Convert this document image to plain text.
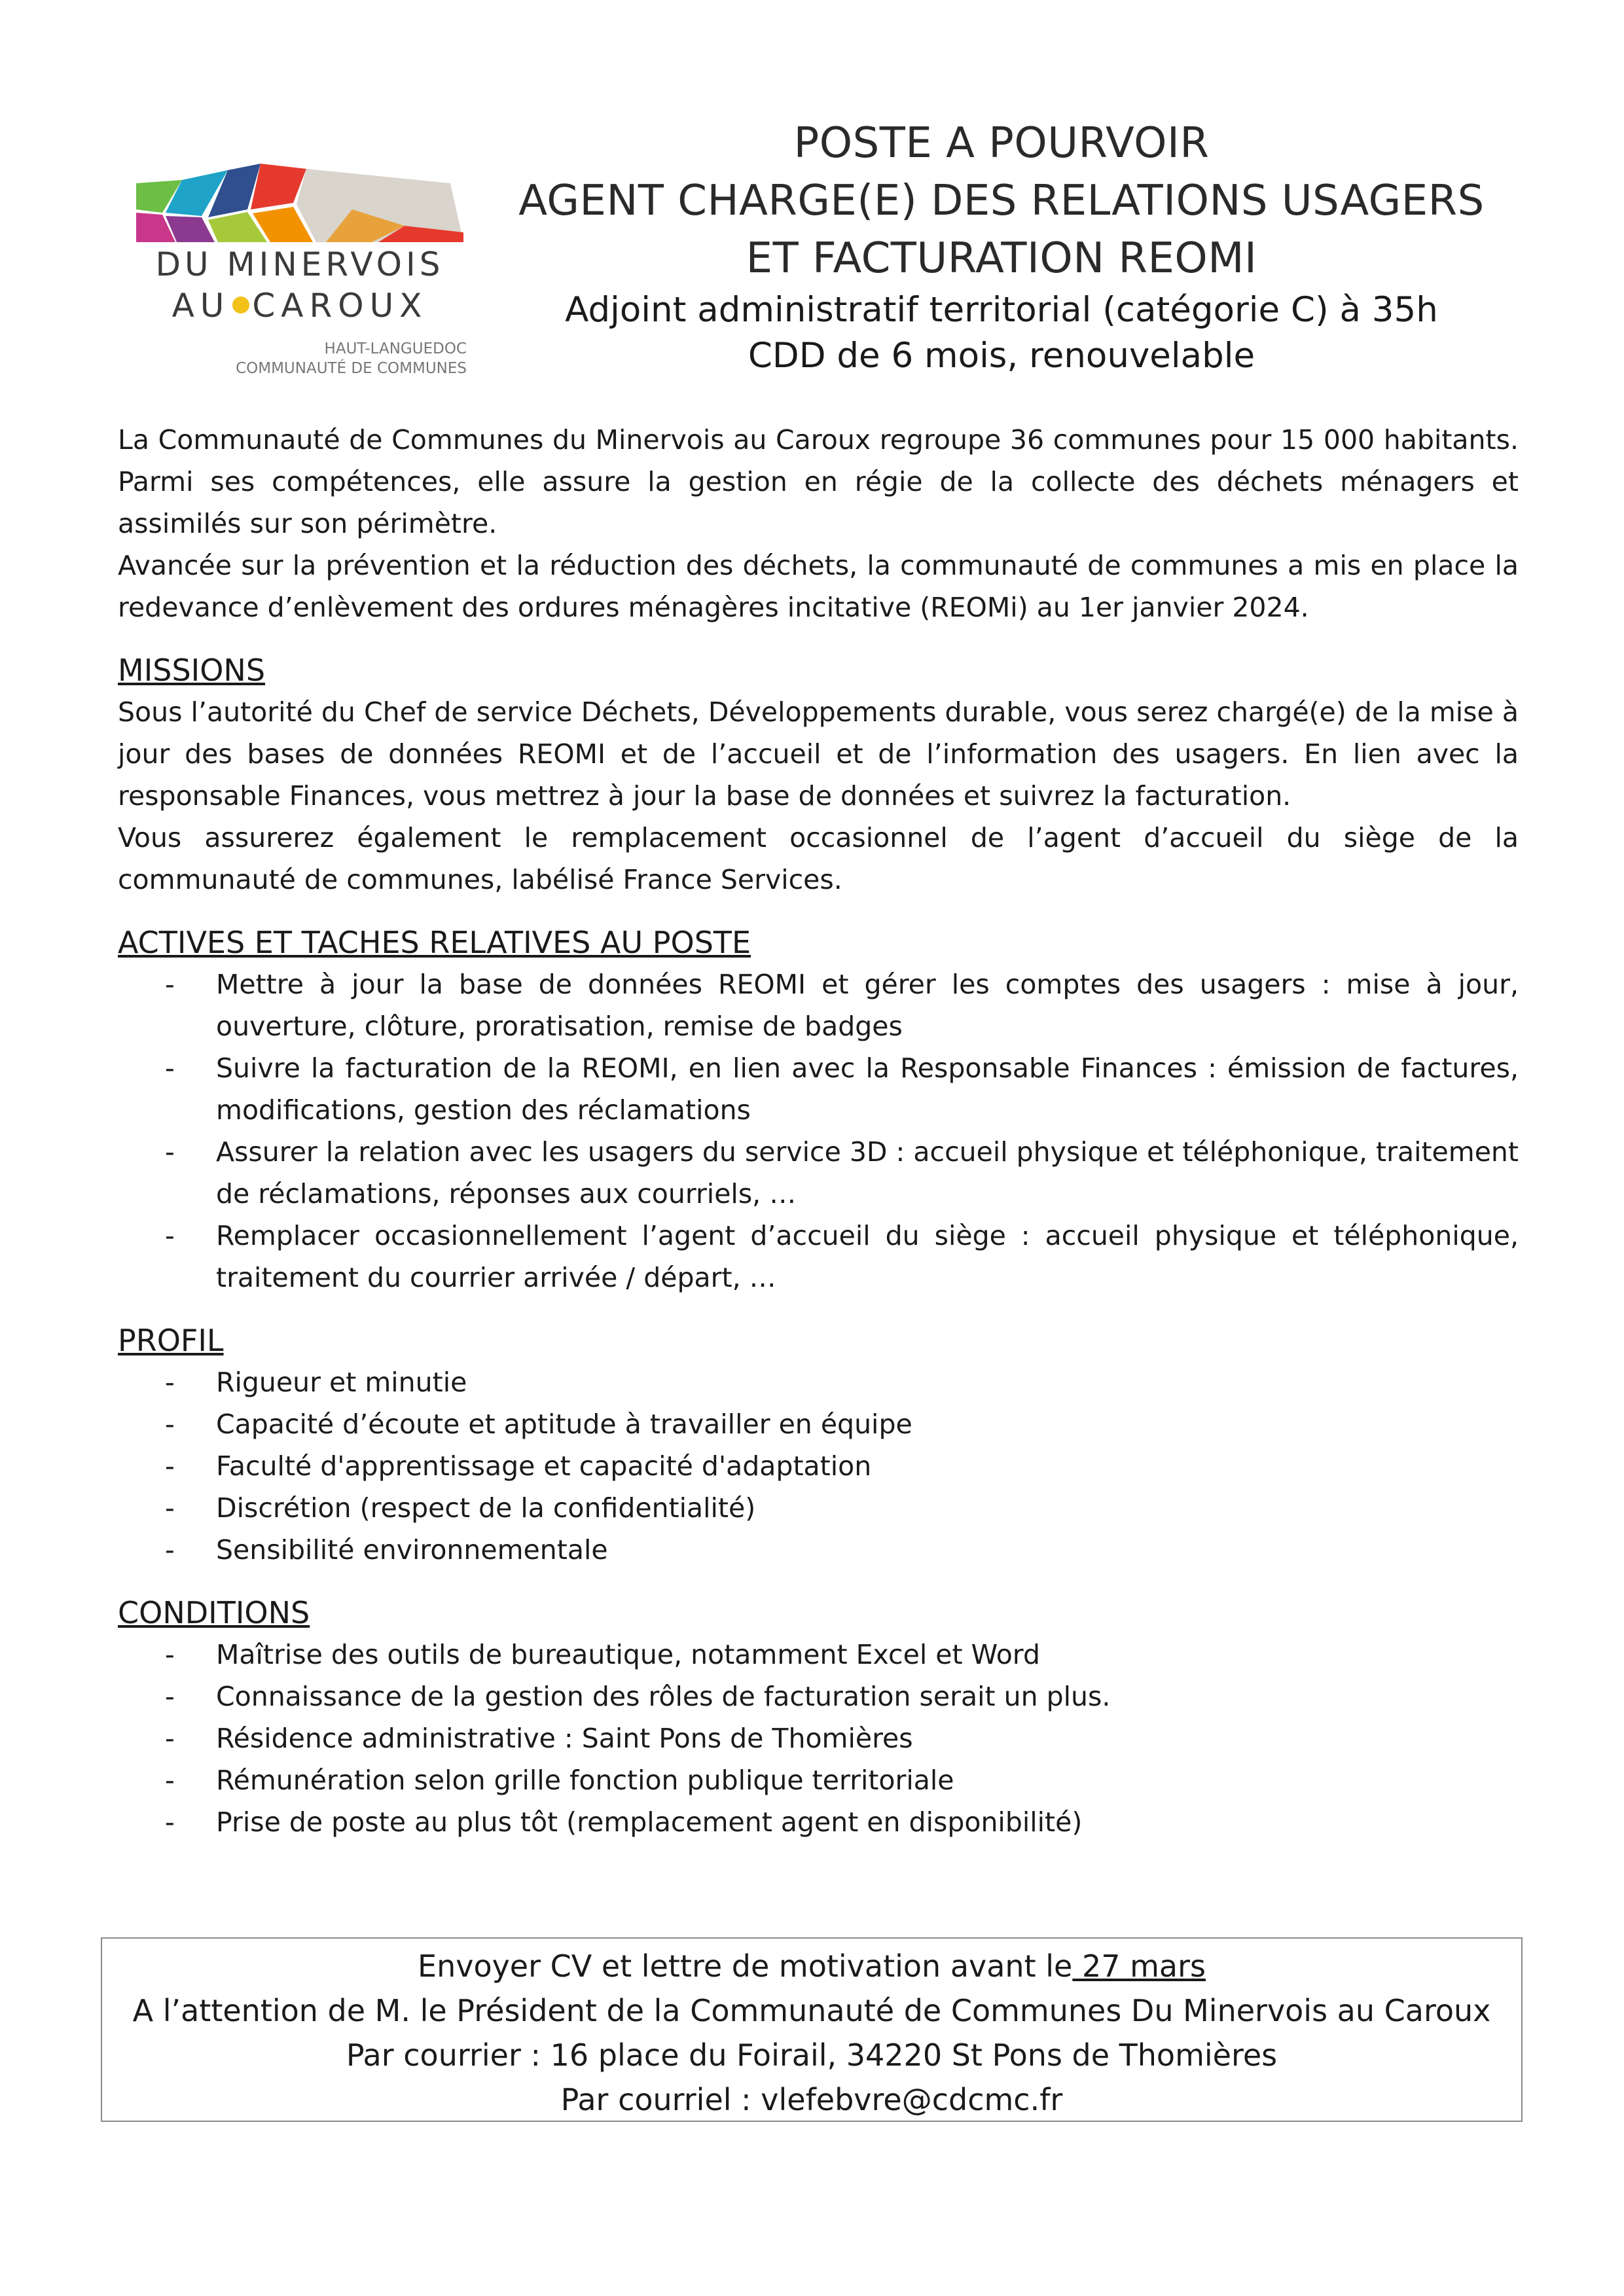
DU MINERVOIS
AU CAROUX
HAUT-LANGUEDOC
COMMUNAUTÉ DE COMMUNES
POSTE A POURVOIR
AGENT CHARGE(E) DES RELATIONS USAGERS
ET FACTURATION REOMI
Adjoint administratif territorial (catégorie C) à 35h
CDD de 6 mois, renouvelable

La Communauté de Communes du Minervois au Caroux regroupe 36 communes pour 15 000 habitants. Parmi ses compétences, elle assure la gestion en régie de la collecte des déchets ménagers et assimilés sur son périmètre.

Avancée sur la prévention et la réduction des déchets, la communauté de communes a mis en place la redevance d’enlèvement des ordures ménagères incitative (REOMi) au 1er janvier 2024.

MISSIONS

Sous l’autorité du Chef de service Déchets, Développements durable, vous serez chargé(e) de la mise à jour des bases de données REOMI et de l’accueil et de l’information des usagers. En lien avec la responsable Finances, vous mettrez à jour la base de données et suivrez la facturation.

Vous assurerez également le remplacement occasionnel de l’agent d’accueil du siège de la communauté de communes, labélisé France Services.

ACTIVES ET TACHES RELATIVES AU POSTE

- Mettre à jour la base de données REOMI et gérer les comptes des usagers : mise à jour, ouverture, clôture, proratisation, remise de badges
- Suivre la facturation de la REOMI, en lien avec la Responsable Finances : émission de factures, modifications, gestion des réclamations
- Assurer la relation avec les usagers du service 3D : accueil physique et téléphonique, traitement de réclamations, réponses aux courriels, …
- Remplacer occasionnellement l’agent d’accueil du siège : accueil physique et téléphonique, traitement du courrier arrivée / départ, …

PROFIL

- Rigueur et minutie
- Capacité d’écoute et aptitude à travailler en équipe
- Faculté d'apprentissage et capacité d'adaptation
- Discrétion (respect de la confidentialité)
- Sensibilité environnementale

CONDITIONS

- Maîtrise des outils de bureautique, notamment Excel et Word
- Connaissance de la gestion des rôles de facturation serait un plus.
- Résidence administrative : Saint Pons de Thomières
- Rémunération selon grille fonction publique territoriale
- Prise de poste au plus tôt (remplacement agent en disponibilité)
Envoyer CV et lettre de motivation avant le 27 mars
A l’attention de M. le Président de la Communauté de Communes Du Minervois au Caroux
Par courrier : 16 place du Foirail, 34220 St Pons de Thomières
Par courriel : vlefebvre@cdcmc.fr
